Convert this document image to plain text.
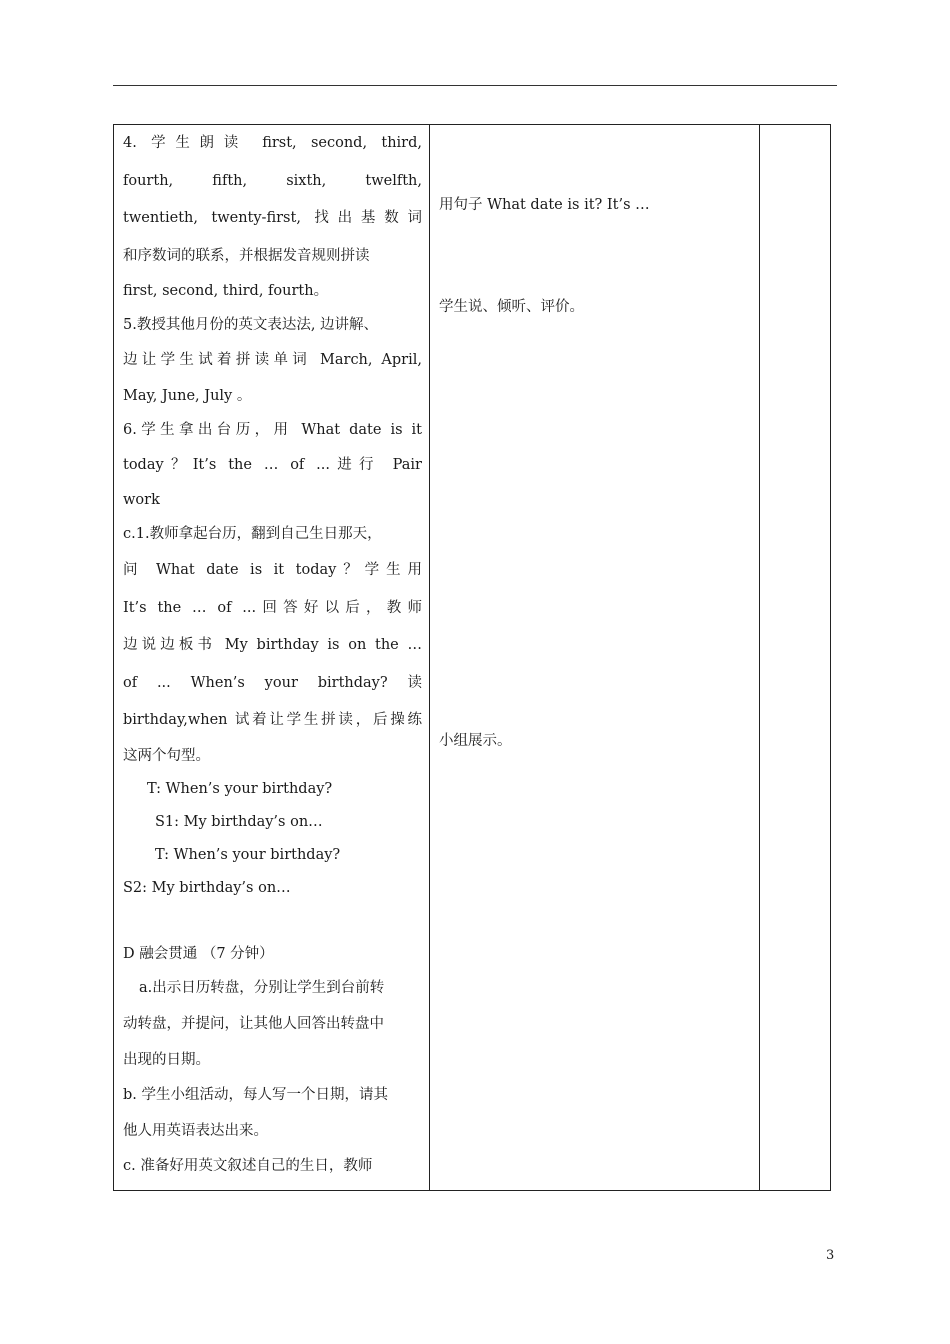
4. 学生朗读 first, second, third,
fourth, fifth, sixth, twelfth,
twentieth, twenty-first, 找出基数词
和序数词的联系，并根据发音规则拼读
first, second, third, fourth。
5.教授其他月份的英文表达法, 边讲解、
边让学生试着拼读单词 March, April,
May, June, July 。
6.学生拿出台历，用 What date is it
today？It’s the … of ...进行 Pair
work
c.1.教师拿起台历，翻到自己生日那天，
问 What date is it today？学生用
It’s the … of ...回答好以后，教师
边说边板书 My birthday is on the …
of ... When’s your birthday? 读
birthday,when 试着让学生拼读，后操练
这两个句型。
T: When’s your birthday?
S1: My birthday’s on…
T: When’s your birthday?
S2: My birthday’s on…
D 融会贯通 （7 分钟）
a.出示日历转盘，分别让学生到台前转
动转盘，并提问，让其他人回答出转盘中
出现的日期。
b. 学生小组活动，每人写一个日期，请其
他人用英语表达出来。
c. 准备好用英文叙述自己的生日，教师
用句子 What date is it? It’s …
学生说、倾听、评价。
小组展示。
3
